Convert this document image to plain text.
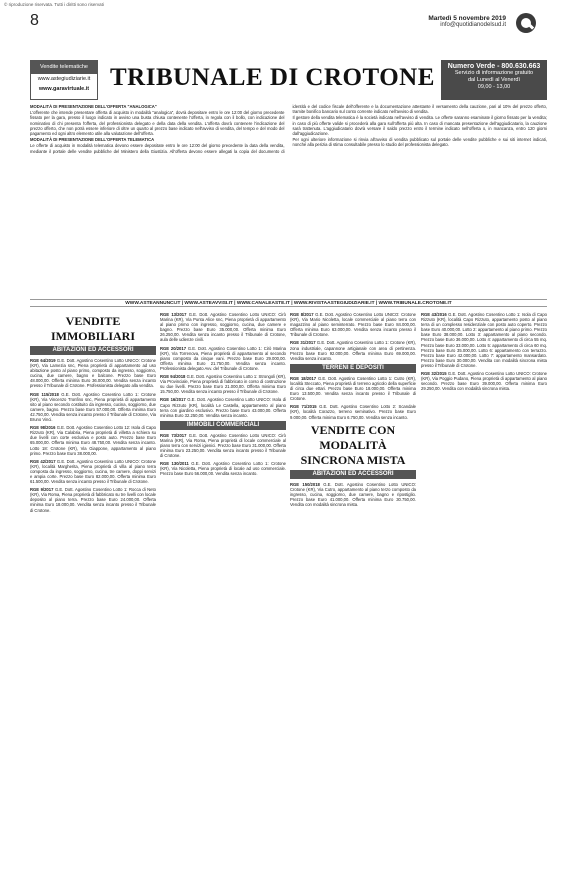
© riproduzione riservata. Tutti i diritti sono riservati
8	Martedì 5 novembre 2019
info@quotidianodelsud.it
Vendite telematiche
www.astegiudiziarie.it
www.garavirtuale.it TRIBUNALE DI CROTONE	Numero Verde - 800.630.663
Servizio di informazione gratuito
dal Lunedì al Venerdì
09,00 - 13,00

MODALITÀ DI PRESENTAZIONE DELL'OFFERTA "ANALOGICA"

L'offerente che intende presentare offerta di acquisto in modalità "analogica", dovrà depositare entro le ore 12:00 del giorno precedente fissato per la gara, presso il luogo indicato in avviso una busta chiusa contenente l'offerta, in regola con il bollo, con indicazione del nominativo di chi presenta l'offerta, del professionista delegato e della data della vendita. L'offerta dovrà contenere l'indicazione del prezzo offerto, che non potrà essere inferiore di oltre un quarto al prezzo base indicato nell'avviso di vendita, del tempo e del modo del pagamento ed ogni altro elemento utile alla valutazione dell'offerta.

MODALITÀ DI PRESENTAZIONE DELL'OFFERTA TELEMATICA

Le offerte di acquisto in modalità telematica devono essere depositate entro le ore 12:00 del giorno precedente la data della vendita, mediante il portale delle vendite pubbliche del Ministero della Giustizia. All'offerta devono essere allegati la copia del documento di identità e del codice fiscale dell'offerente e la documentazione attestante il versamento della cauzione, pari al 10% del prezzo offerto, tramite bonifico bancario sul conto corrente indicato nell'avviso di vendita.

Il gestore della vendita telematica è la società indicata nell'avviso di vendita. Le offerte saranno esaminate il giorno fissato per la vendita; in caso di più offerte valide si procederà alla gara sull'offerta più alta. In caso di mancata presentazione dell'aggiudicatario, la cauzione sarà trattenuta. L'aggiudicatario dovrà versare il saldo prezzo entro il termine indicato nell'offerta o, in mancanza, entro 120 giorni dall'aggiudicazione.

Per ogni ulteriore informazione si rinvia all'avviso di vendita pubblicato sul portale delle vendite pubbliche e sui siti internet indicati, nonché alla perizia di stima consultabile presso lo studio del professionista delegato.

WWW.ASTEANNUNCI.IT | WWW.ASTEAVVISI.IT | WWW.CANALEASTE.IT | WWW.RIVISTAASTEGIUDIZIARIE.IT | WWW.TRIBUNALE.CROTONE.IT
VENDITE IMMOBILIARI
ABITAZIONI ED ACCESSORI
RGE 64/2019 G.E. Dott. Agostino Cosentino Lotto UNICO: Crotone (KR), Via Lamezia snc, Piena proprietà di appartamento ad uso abitazione posto al piano primo, composto da ingresso, soggiorno, cucina, due camere, bagno e balcone. Prezzo base Euro 48.000,00. Offerta minima Euro 36.000,00. Vendita senza incanto presso il Tribunale di Crotone. Professionista delegato alla vendita.
RGE 115/2018 G.E. Dott. Agostino Cosentino Lotto 1: Crotone (KR), Via Vincenzo Tronfino snc, Piena proprietà di appartamento sito al piano secondo costituito da ingresso, cucina, soggiorno, due camere, bagno. Prezzo base Euro 57.000,00. Offerta minima Euro 42.750,00. Vendita senza incanto presso il Tribunale di Crotone, Via Bruno Vinci.
RGE 98/2016 G.E. Dott. Agostino Cosentino Lotto 12: Isola di Capo Rizzuto (KR), Via Calabria, Piena proprietà di villetta a schiera su due livelli con corte esclusiva e posto auto. Prezzo base Euro 65.000,00. Offerta minima Euro 48.750,00. Vendita senza incanto. Lotto 18: Crotone (KR), Via Giappone, appartamento al piano primo. Prezzo base Euro 38.000,00.
RGE 42/2017 G.E. Dott. Agostino Cosentino Lotto UNICO: Crotone (KR), località Margherita, Piena proprietà di villa al piano terra composta da ingresso, soggiorno, cucina, tre camere, doppi servizi e ampia corte. Prezzo base Euro 82.000,00. Offerta minima Euro 61.500,00. Vendita senza incanto presso il Tribunale di Crotone.
RGE 9/2017 G.E. Dott. Agostino Cosentino Lotto 1: Rocca di Neto (KR), Via Roma, Piena proprietà di fabbricato su tre livelli con locale deposito al piano terra. Prezzo base Euro 24.000,00. Offerta minima Euro 18.000,00. Vendita senza incanto presso il Tribunale di Crotone.
RGE 13/2017 G.E. Dott. Agostino Cosentino Lotto UNICO: Cirò Marina (KR), Via Punta Alice snc, Piena proprietà di appartamento al piano primo con ingresso, soggiorno, cucina, due camere e bagno. Prezzo base Euro 35.000,00. Offerta minima Euro 26.250,00. Vendita senza incanto presso il Tribunale di Crotone, aula delle udienze civili.
RGE 20/2017 G.E. Dott. Agostino Cosentino Lotto 1: Cirò Marina (KR), Via Torrenova, Piena proprietà di appartamento al secondo piano composto da cinque vani. Prezzo base Euro 29.000,00. Offerta minima Euro 21.750,00. Vendita senza incanto. Professionista delegato Avv. del Tribunale di Crotone.
RGE 94/2018 G.E. Dott. Agostino Cosentino Lotto 1: Strongoli (KR), Via Provinciale, Piena proprietà di fabbricato in corso di costruzione su due livelli. Prezzo base Euro 21.000,00. Offerta minima Euro 15.750,00. Vendita senza incanto presso il Tribunale di Crotone.
RGE 16/2017 G.E. Dott. Agostino Cosentino Lotto UNICO: Isola di Capo Rizzuto (KR), località Le Castella, appartamento al piano terra con giardino esclusivo. Prezzo base Euro 43.000,00. Offerta minima Euro 32.250,00. Vendita senza incanto.
IMMOBILI COMMERCIALI
RGE 73/2017 G.E. Dott. Agostino Cosentino Lotto UNICO: Cirò Marina (KR), Via Roma, Piena proprietà di locale commerciale al piano terra con servizi igienici. Prezzo base Euro 31.000,00. Offerta minima Euro 23.250,00. Vendita senza incanto presso il Tribunale di Crotone.
RGE 130/2011 G.E. Dott. Agostino Cosentino Lotto 1: Crotone (KR), Via Nicoletta, Piena proprietà di locale ad uso commerciale. Prezzo base Euro 56.000,00. Vendita senza incanto.
RGE 8/2017 G.E. Dott. Agostino Cosentino Lotto UNICO: Crotone (KR), Via Mario Nicoletta, locale commerciale al piano terra con magazzino al piano seminterrato. Prezzo base Euro 84.000,00. Offerta minima Euro 63.000,00. Vendita senza incanto presso il Tribunale di Crotone.
RGE 31/2017 G.E. Dott. Agostino Cosentino Lotto 1: Crotone (KR), zona industriale, capannone artigianale con area di pertinenza. Prezzo base Euro 92.000,00. Offerta minima Euro 69.000,00. Vendita senza incanto.
TERRENI E DEPOSITI
RGE 18/2017 G.E. Dott. Agostino Cosentino Lotto 1: Cutro (KR), località Steccato, Piena proprietà di terreno agricolo della superficie di circa due ettari. Prezzo base Euro 18.000,00. Offerta minima Euro 13.500,00. Vendita senza incanto presso il Tribunale di Crotone.
RGE 71/2015 G.E. Dott. Agostino Cosentino Lotto 2: Scandale (KR), località Corazzo, terreno seminativo. Prezzo base Euro 9.000,00. Offerta minima Euro 6.750,00. Vendita senza incanto.
VENDITE CON MODALITÀ SINCRONA MISTA
ABITAZIONI ED ACCESSORI
RGE 150/2018 G.E. Dott. Agostino Cosentino Lotto UNICO: Crotone (KR), Via Cutro, appartamento al piano terzo composto da ingresso, cucina, soggiorno, due camere, bagno e ripostiglio. Prezzo base Euro 41.000,00. Offerta minima Euro 30.750,00. Vendita con modalità sincrona mista.
RGE 43/2016 G.E. Dott. Agostino Cosentino Lotto 1: Isola di Capo Rizzuto (KR), località Capo Rizzuto, appartamento posto al piano terra di un complesso residenziale con posto auto coperto. Prezzo base Euro 40.000,00. Lotto 2: appartamento al piano primo. Prezzo base Euro 38.000,00. Lotto 3: appartamento al piano secondo. Prezzo base Euro 36.000,00. Lotto 4: appartamento di circa 55 mq. Prezzo base Euro 33.000,00. Lotto 5: appartamento di circa 60 mq. Prezzo base Euro 35.000,00. Lotto 6: appartamento con terrazzo. Prezzo base Euro 42.000,00. Lotto 7: appartamento mansardato. Prezzo base Euro 30.000,00. Vendita con modalità sincrona mista presso il Tribunale di Crotone.
RGE 32/2015 G.E. Dott. Agostino Cosentino Lotto UNICO: Crotone (KR), Via Poggio Pudano, Piena proprietà di appartamento al piano secondo. Prezzo base Euro 39.000,00. Offerta minima Euro 29.250,00. Vendita con modalità sincrona mista.
